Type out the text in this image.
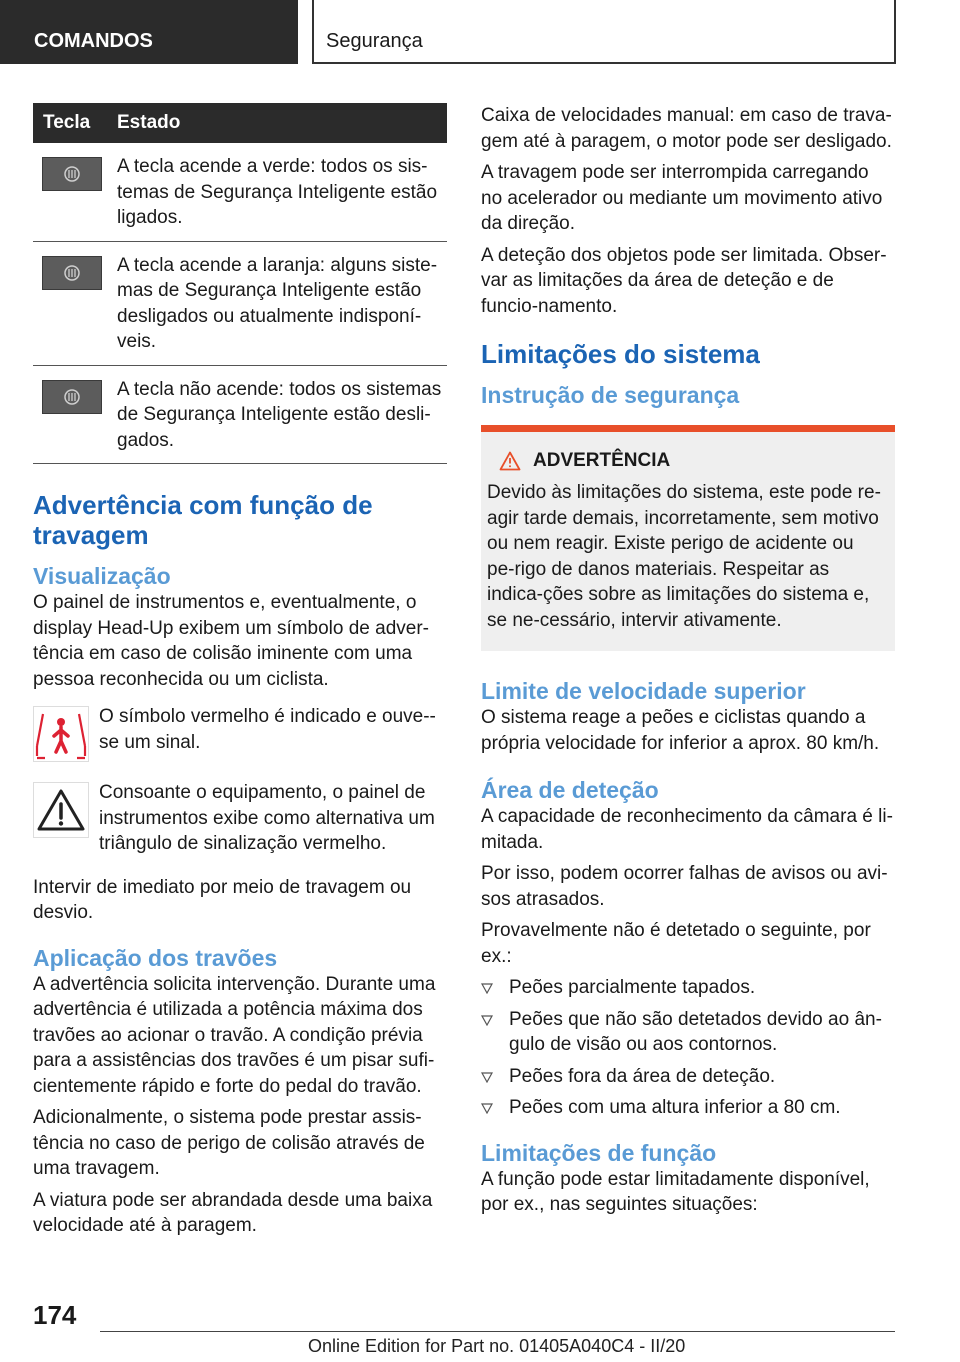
COMANDOS	Segurança
Tecla	Estado

	A tecla acende a verde: todos os sis-temas de Segurança Inteligente estão ligados.

	A tecla acende a laranja: alguns siste-mas de Segurança Inteligente estão desligados ou atualmente indisponí-veis.

	A tecla não acende: todos os sistemas de Segurança Inteligente estão desli-gados.
Advertência com função de travagem
Visualização

O painel de instrumentos e, eventualmente, o display Head-Up exibem um símbolo de adver-tência em caso de colisão iminente com uma pessoa reconhecida ou um ciclista.

O símbolo vermelho é indicado e ouve--se um sinal.
Consoante o equipamento, o painel de instrumentos exibe como alternativa um triângulo de sinalização vermelho.

Intervir de imediato por meio de travagem ou desvio.

Aplicação dos travões

A advertência solicita intervenção. Durante uma advertência é utilizada a potência máxima dos travões ao acionar o travão. A condição prévia para a assistências dos travões é um pisar sufi-cientemente rápido e forte do pedal do travão.

Adicionalmente, o sistema pode prestar assis-tência no caso de perigo de colisão através de uma travagem.

A viatura pode ser abrandada desde uma baixa velocidade até à paragem.

Caixa de velocidades manual: em caso de trava-gem até à paragem, o motor pode ser desligado.

A travagem pode ser interrompida carregando no acelerador ou mediante um movimento ativo da direção.

A deteção dos objetos pode ser limitada. Obser-var as limitações da área de deteção e de funcio-namento.

Limitações do sistema
Instrução de segurança
ADVERTÊNCIA

Devido às limitações do sistema, este pode re-agir tarde demais, incorretamente, sem motivo ou nem reagir. Existe perigo de acidente ou pe-rigo de danos materiais. Respeitar as indica-ções sobre as limitações do sistema e, se ne-cessário, intervir ativamente.

Limite de velocidade superior

O sistema reage a peões e ciclistas quando a própria velocidade for inferior a aprox. 80 km/h.

Área de deteção

A capacidade de reconhecimento da câmara é li-mitada.

Por isso, podem ocorrer falhas de avisos ou avi-sos atrasados.

Provavelmente não é detetado o seguinte, por ex.:

Peões parcialmente tapados.
Peões que não são detetados devido ao ân-gulo de visão ou aos contornos.
Peões fora da área de deteção.
Peões com uma altura inferior a 80 cm.
Limitações de função

A função pode estar limitadamente disponível, por ex., nas seguintes situações:

174
Online Edition for Part no. 01405A040C4 - II/20
